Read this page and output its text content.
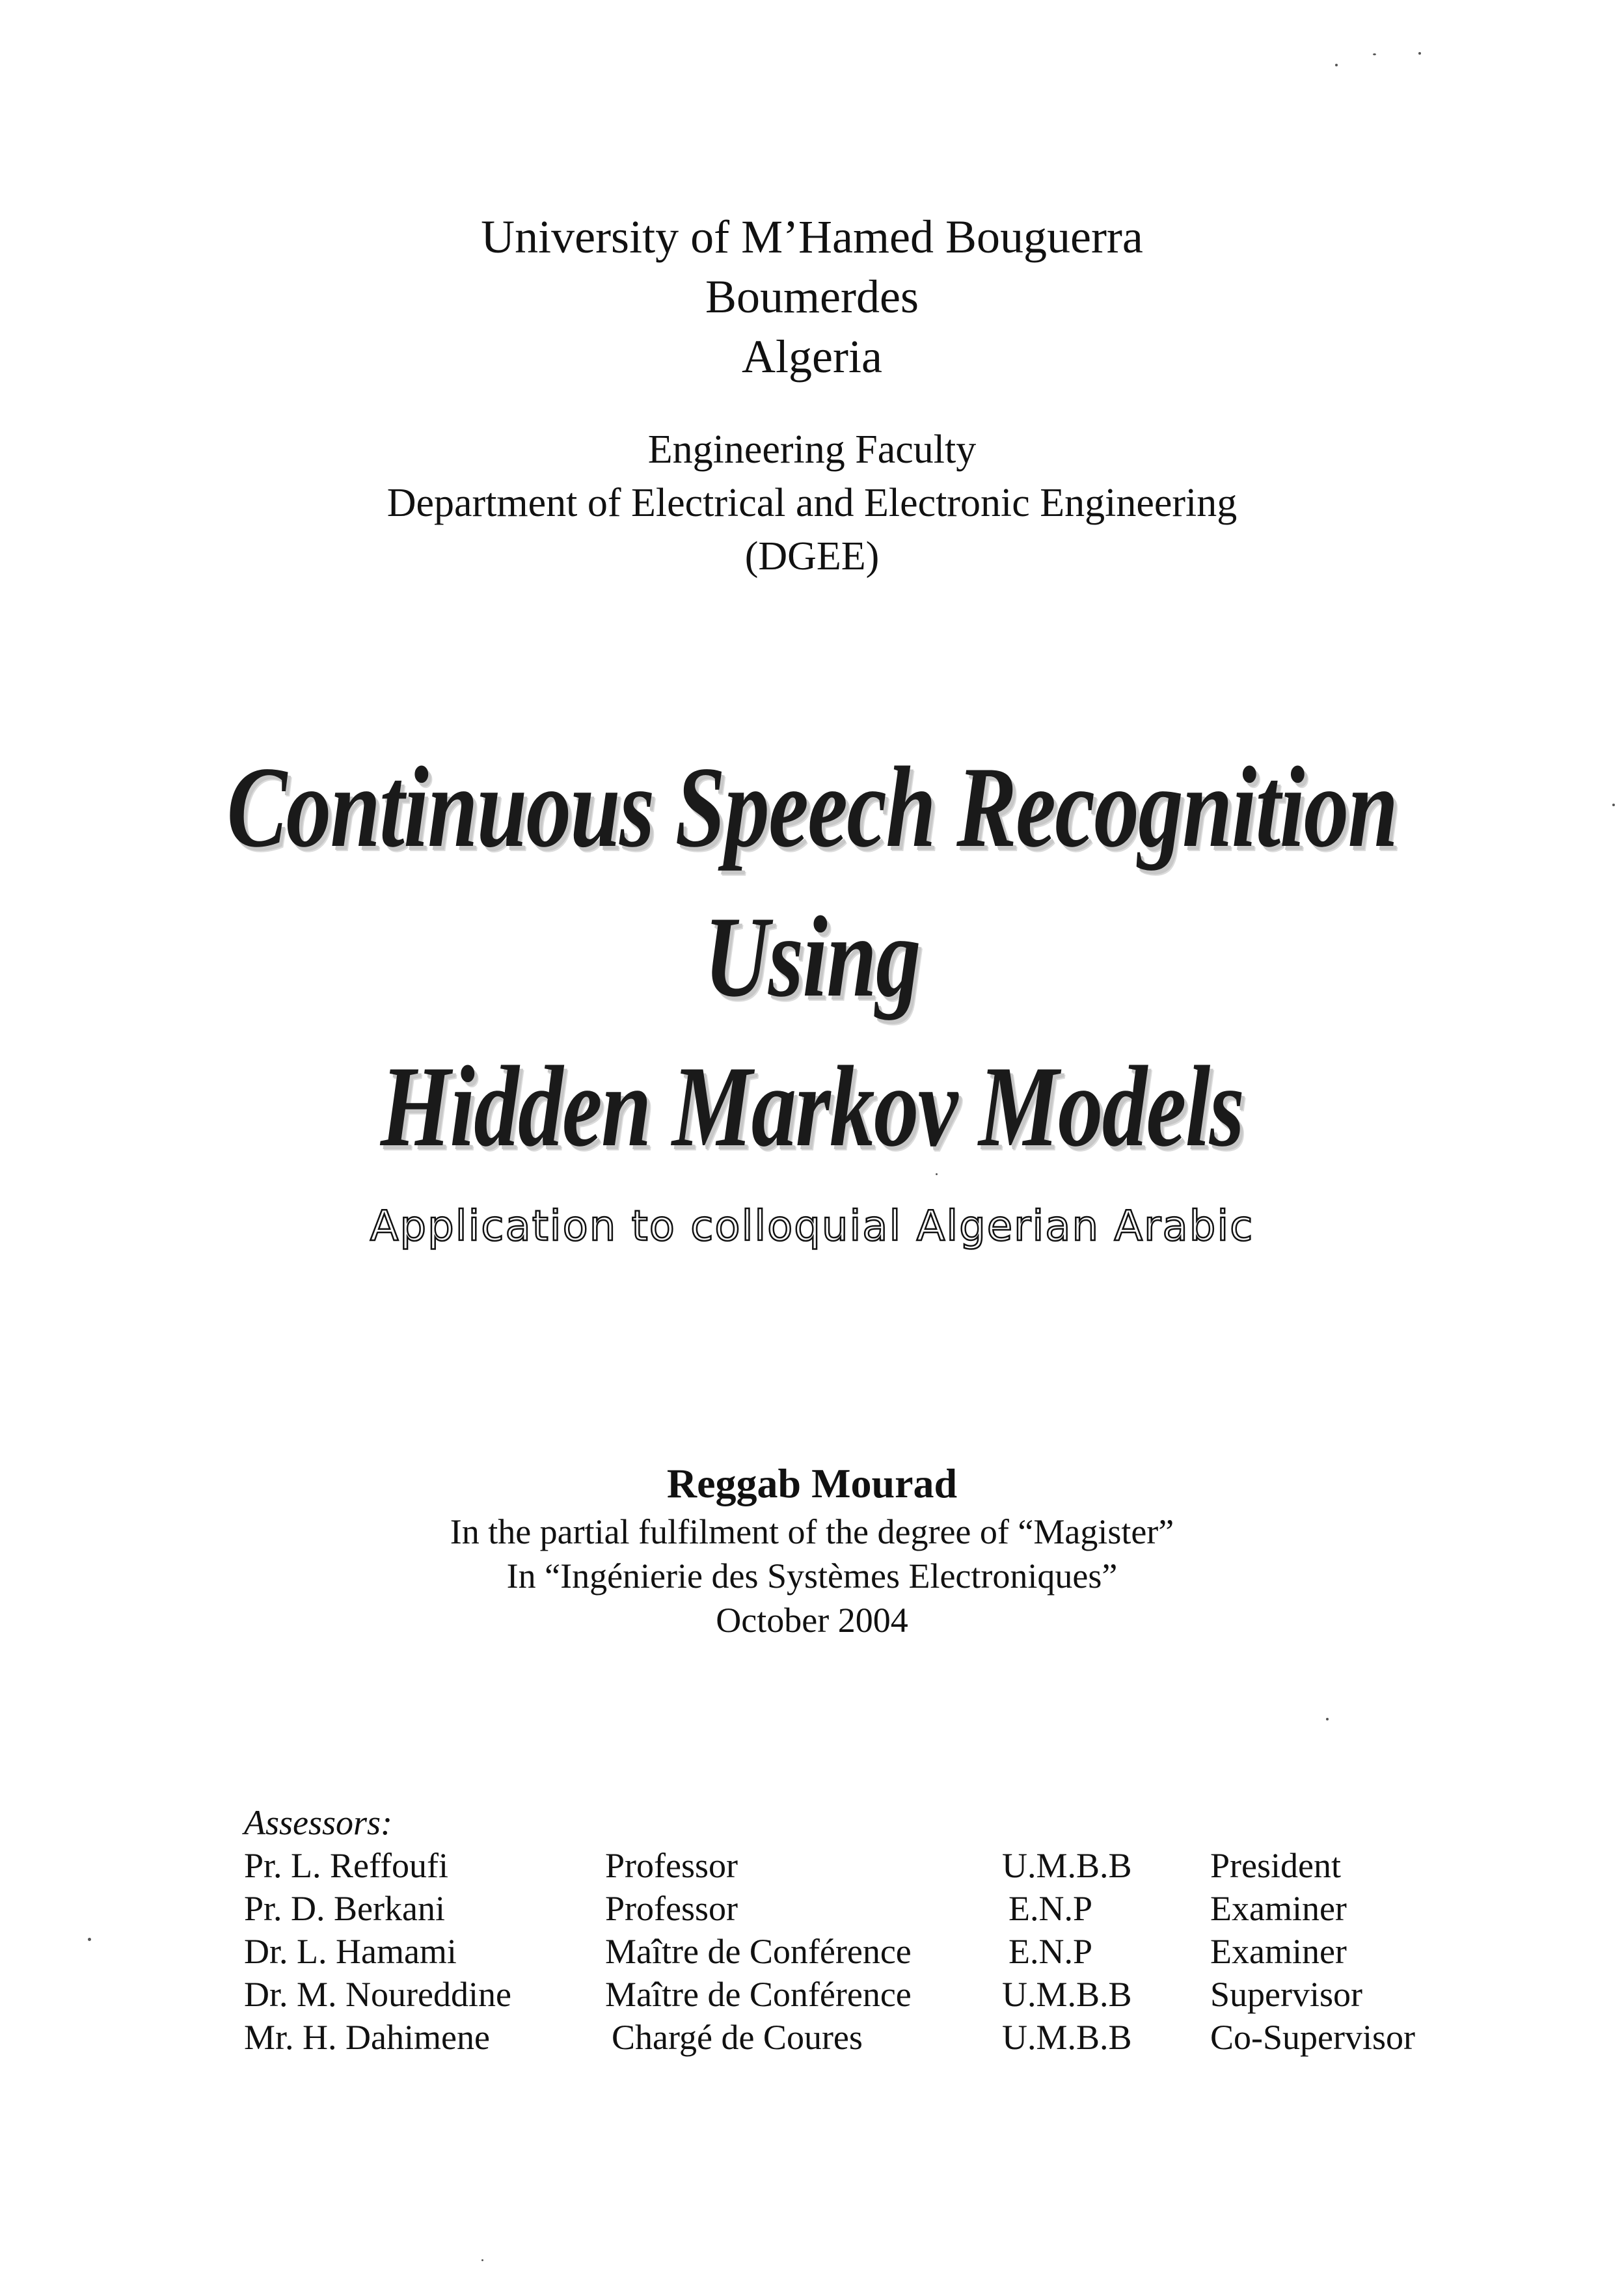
University of M’Hamed Bouguerra

Boumerdes

Algeria

Engineering Faculty

Department of Electrical and Electronic Engineering

(DGEE)

Continuous Speech Recognition

Using

Hidden Markov Models

Application to colloquial Algerian Arabic

Reggab Mourad

In the partial fulfilment of the degree of “Magister”

In “Ingénierie des Systèmes Electroniques”

October 2004

Assessors:
Pr. L. Reffoufi	Professor	U.M.B.B President
Pr. D. Berkani	Professor	E.N.P	Examiner
Dr. L. Hamami	Maître de Conférence	E.N.P	Examiner
Dr. M. Noureddine	Maître de Conférence	U.M.B.B Supervisor
Mr. H. Dahimene	Chargé de Coures	U.M.B.B Co-Supervisor
